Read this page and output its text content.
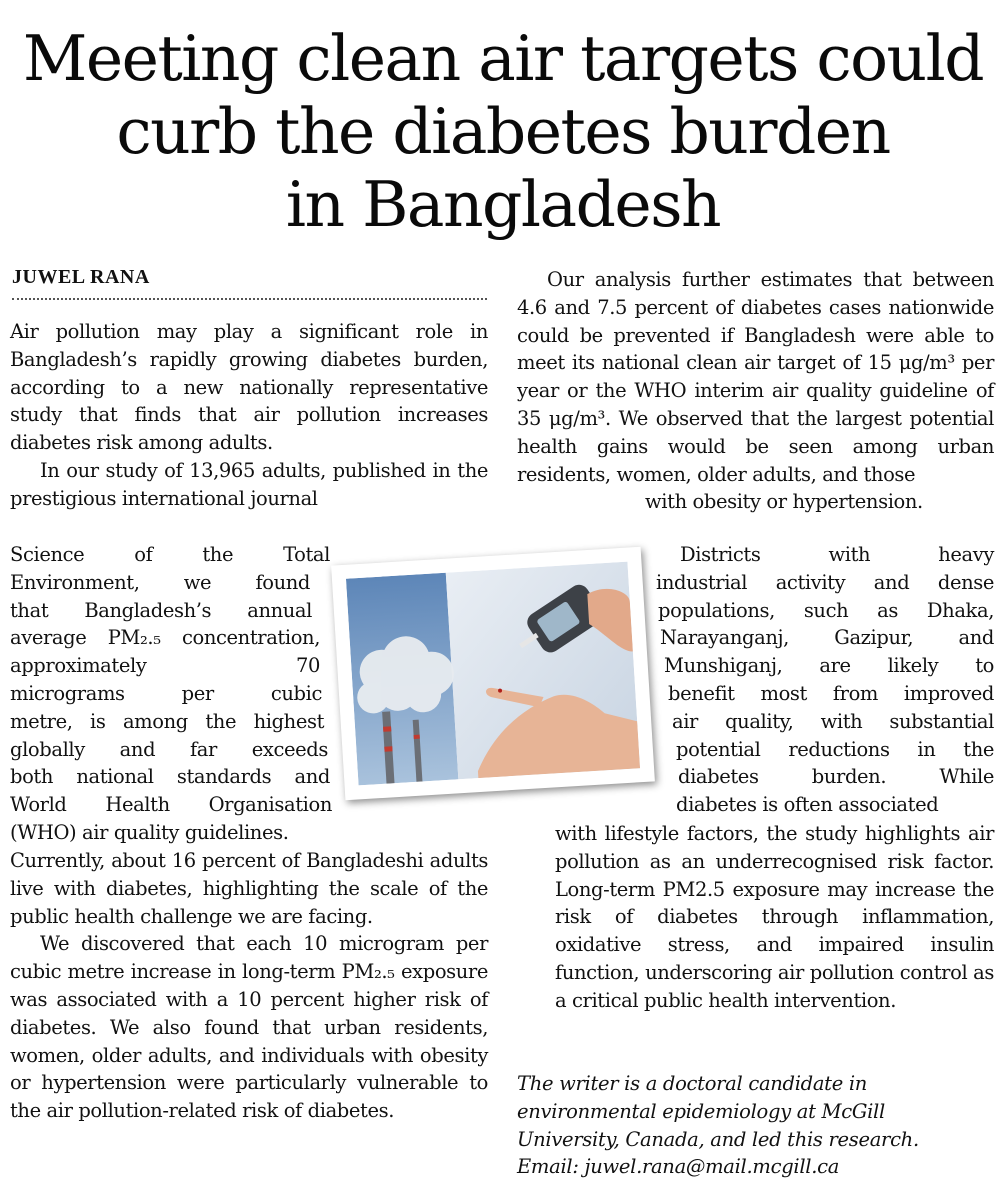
Meeting clean air targets could
curb the diabetes burden
in Bangladesh
JUWEL RANA

Air pollution may play a significant role in Bangladesh’s rapidly growing diabetes burden, according to a new nationally representative study that finds that air pollution increases diabetes risk among adults.

In our study of 13,965 adults, published in the prestigious international journal

Science of the Total
Environment, we found
that Bangladesh’s annual
average PM₂.₅ concentration,
approximately 70
micrograms per cubic
metre, is among the highest
globally and far exceeds
both national standards and
World Health Organisation
(WHO) air quality guidelines.

Currently, about 16 percent of Bangladeshi adults live with diabetes, highlighting the scale of the public health challenge we are facing.

We discovered that each 10 microgram per cubic metre increase in long-term PM₂.₅ exposure was associated with a 10 percent higher risk of diabetes. We also found that urban residents, women, older adults, and individuals with obesity or hypertension were particularly vulnerable to the air pollution-related risk of diabetes.

Our analysis further estimates that between 4.6 and 7.5 percent of diabetes cases nationwide could be prevented if Bangladesh were able to meet its national clean air target of 15 μg/m³ per year or the WHO interim air quality guideline of 35 μg/m³. We observed that the largest potential health gains would be seen among urban residents, women, older adults, and those

with obesity or hypertension.

Districts with heavy
industrial activity and dense
populations, such as Dhaka,
Narayanganj, Gazipur, and
Munshiganj, are likely to
benefit most from improved
air quality, with substantial
potential reductions in the
diabetes burden. While
diabetes is often associated

with lifestyle factors, the study highlights air pollution as an underrecognised risk factor. Long-term PM2.5 exposure may increase the risk of diabetes through inflammation, oxidative stress, and impaired insulin function, underscoring air pollution control as a critical public health intervention.

The writer is a doctoral candidate in
environmental epidemiology at McGill
University, Canada, and led this research.
Email: juwel.rana@mail.mcgill.ca
